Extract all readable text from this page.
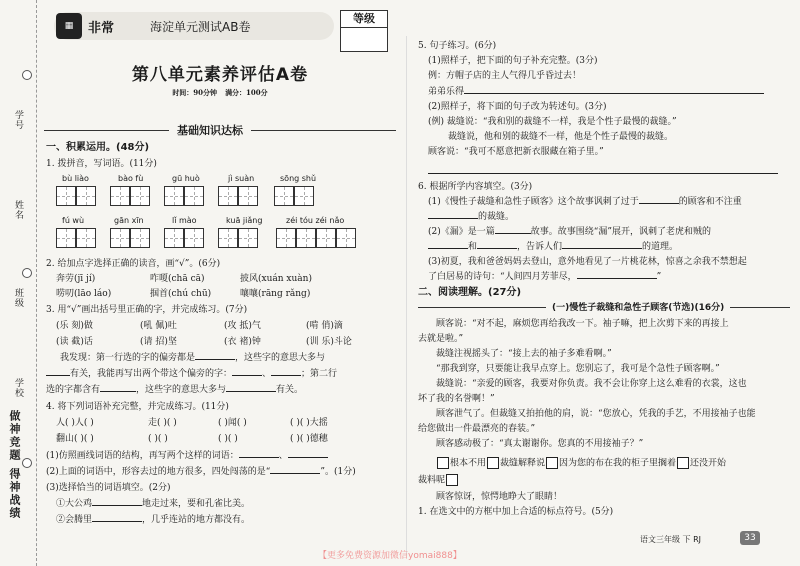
学号
姓名
班级
学校
做神竞题 得神战绩
▦	非常	海淀单元测试AB卷
等级
第八单元素养评估A卷
时间：90分钟 满分：100分
基础知识达标
一、积累运用。(48分)
1. 拨拼音，写词语。(11分)
bù liào	bào fù	gū huò	jì suàn	sōng shǔ
fú wù	gān xīn	lǐ mào	kuā jiǎng	zéi tóu zéi nǎo
2. 给加点字选择正确的读音，画“√”。(6分)
奔劳(jī jí)	咋嗄(chā cā)	披风(xuán xuàn)
唠叨(lāo láo)	掴首(chú chū)	嚷嚷(rāng rǎng)
3. 用“√”画出括号里正确的字，并完成练习。(7分)
(乐 刻)做	(吼 佩)吐	(攻 抵)气	(啃 俏)滴
(读 截)话	(请 招)坚	(衣 褚)钟	(训 乐)斗论
我发现：第一行选的字的偏旁都是	，这些字的意思大多与
有关，我能再写出两个带这个偏旁的字：	、	；第二行
选的字都含有	，这些字的意思大多与	有关。
4. 将下列词语补充完整，并完成练习。(11分)
人( )人( )	走( )( )	( )闻( )	( )( )大摇
翻山( )( )	( )( )	( )( )	( )( )德穗
(1)仿照画线词语的结构，再写两个这样的词语：	、
(2)上面的词语中，形容去过的地方很多，四处闯荡的是“	”。(1分)
(3)选择恰当的词语填空。(2分)
①大公鸡	地走过来，要和孔雀比美。
②会腾里	，几乎连站的地方都没有。
5. 句子练习。(6分)
(1)照样子，把下面的句子补充完整。(3分)
例：方帽子店的主人气得几乎昏过去！
弟弟乐得
(2)照样子，将下面的句子改为转述句。(3分)
(例) 裁缝说：“我和别的裁缝不一样，我是个性子最慢的裁缝。”
裁缝说，他和别的裁缝不一样，他是个性子最慢的裁缝。
顾客说：“我可不愿意把新衣服藏在箱子里。”
6. 根据所学内容填空。(3分)
(1)《慢性子裁缝和急性子顾客》这个故事讽刺了过于	的顾客和不注重
的裁缝。
(2)《漏》是一篇	故事。故事围绕“漏”展开，讽刺了老虎和贼的
和	，告诉人们	的道理。
(3)初夏，我和爸爸妈妈去登山，意外地看见了一片桃花林，惊喜之余我不禁想起
了白居易的诗句：“人间四月芳菲尽，	”
二、阅读理解。(27分)
(一)慢性子裁缝和急性子顾客(节选)(16分)
顾客说：“对不起，麻烦您再给我改一下。袖子嘛，把上次剪下来的再接上
去就是啦。”
裁缝注视摇头了：“接上去的袖子多难看啊。”
“那我到穿，只要能让我早点穿上。您别忘了，我可是个急性子顾客啊。”
裁缝说：“亲爱的顾客，我要对你负责。我不会让你穿上这么难看的衣裳，这也
坏了我的名誉啊！”
顾客泄气了。但裁缝又拍拍他的肩，说：“您放心，凭我的手艺，不用接袖子也能
给您做出一件最漂亮的春装。”
顾客感动极了：“真太谢谢你。您真的不用接袖子？”
根本不用 裁缝解释说 因为您的布在我的柜子里搁着 还没开始
裁料呢
顾客惊讶，惊愕地睁大了眼睛！
1. 在选文中的方框中加上合适的标点符号。(5分)
语文三年级 下 RJ	33
【更多免费资源加微信yomai888】
